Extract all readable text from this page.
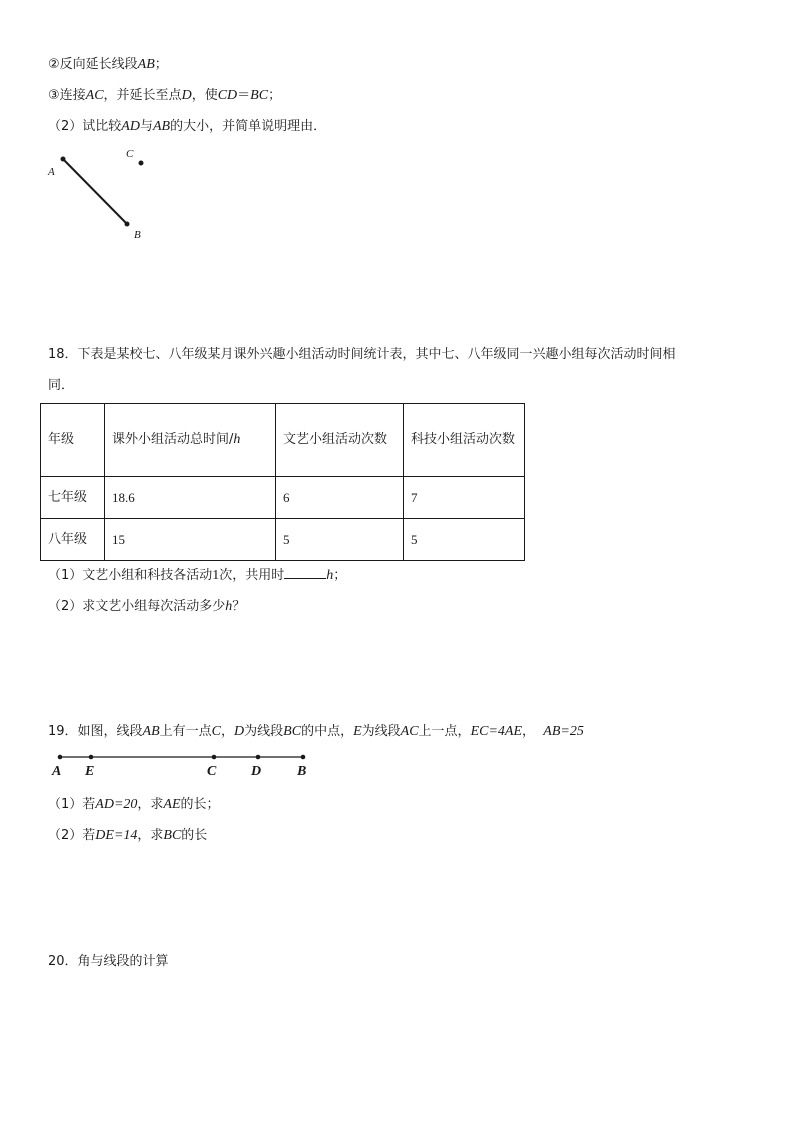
②反向延长线段AB；
③连接AC，并延长至点D，使CD＝BC；
（2）试比较AD与AB的大小，并简单说明理由．
A
B
C
A E	C D	B
18．下表是某校七、八年级某月课外兴趣小组活动时间统计表，其中七、八年级同一兴趣小组每次活动时间相
同．
年级	课外小组活动总时间/h	文艺小组活动次数	科技小组活动次数

七年级	18.6	6	7
八年级	15	5	5
（1）文艺小组和科技各活动1次，共用时	h；
（2）求文艺小组每次活动多少h？
19．如图，线段AB上有一点C，D为线段BC的中点，E为线段AC上一点，EC=4AE， AB=25
（1）若AD=20，求AE的长；
（2）若DE=14，求BC的长
20．角与线段的计算
